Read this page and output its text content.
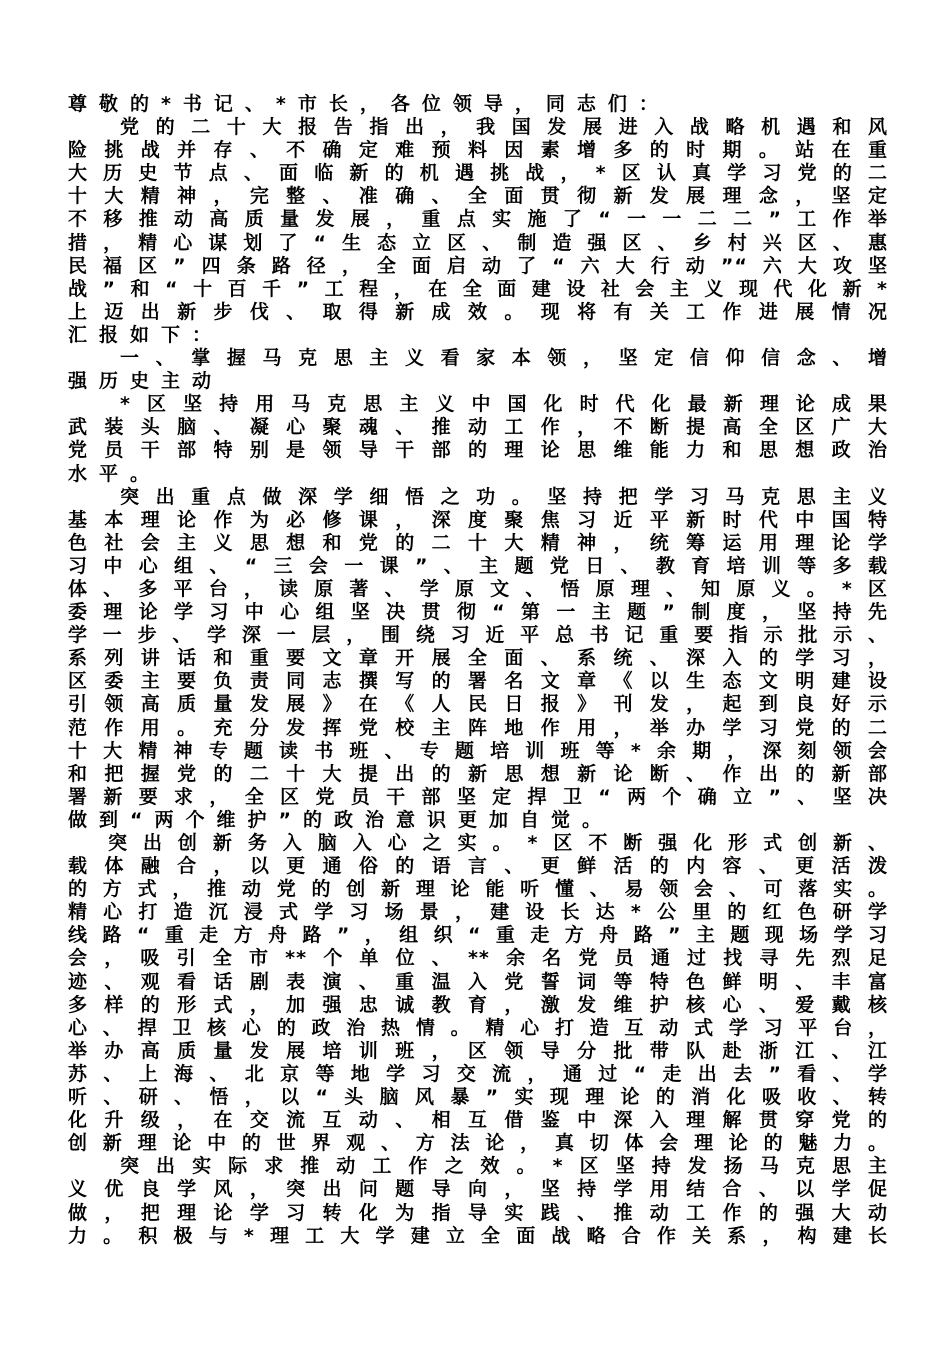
尊敬的*书记、*市长，各位领导，同志们：
党的二十大报告指出，我国发展进入战略机遇和风
险挑战并存、不确定难预料因素增多的时期。站在重
大历史节点、面临新的机遇挑战，*区认真学习党的二
十大精神，完整、准确、全面贯彻新发展理念，坚定
不移推动高质量发展，重点实施了“一一二二”工作举
措，精心谋划了“生态立区、制造强区、乡村兴区、惠
民福区”四条路径，全面启动了“六大行动”“六大攻坚
战”和“十百千”工程，在全面建设社会主义现代化新*
上迈出新步伐、取得新成效。现将有关工作进展情况
汇报如下：
一、掌握马克思主义看家本领，坚定信仰信念、增
强历史主动
*区坚持用马克思主义中国化时代化最新理论成果
武装头脑、凝心聚魂、推动工作，不断提高全区广大
党员干部特别是领导干部的理论思维能力和思想政治
水平。
突出重点做深学细悟之功。坚持把学习马克思主义
基本理论作为必修课，深度聚焦习近平新时代中国特
色社会主义思想和党的二十大精神，统筹运用理论学
习中心组、“三会一课”、主题党日、教育培训等多载
体、多平台，读原著、学原文、悟原理、知原义。*区
委理论学习中心组坚决贯彻“第一主题”制度，坚持先
学一步、学深一层，围绕习近平总书记重要指示批示、
系列讲话和重要文章开展全面、系统、深入的学习，
区委主要负责同志撰写的署名文章《以生态文明建设
引领高质量发展》在《人民日报》刊发，起到良好示
范作用。充分发挥党校主阵地作用，举办学习党的二
十大精神专题读书班、专题培训班等*余期，深刻领会
和把握党的二十大提出的新思想新论断、作出的新部
署新要求，全区党员干部坚定捍卫“两个确立”、坚决
做到“两个维护”的政治意识更加自觉。
突出创新务入脑入心之实。*区不断强化形式创新、
载体融合，以更通俗的语言、更鲜活的内容、更活泼
的方式，推动党的创新理论能听懂、易领会、可落实。
精心打造沉浸式学习场景，建设长达*公里的红色研学
线路“重走方舟路”，组织“重走方舟路”主题现场学习
会，吸引全市**个单位、**余名党员通过找寻先烈足
迹、观看话剧表演、重温入党誓词等特色鲜明、丰富
多样的形式，加强忠诚教育，激发维护核心、爱戴核
心、捍卫核心的政治热情。精心打造互动式学习平台，
举办高质量发展培训班，区领导分批带队赴浙江、江
苏、上海、北京等地学习交流，通过“走出去”看、学
听、研、悟，以“头脑风暴”实现理论的消化吸收、转
化升级，在交流互动、相互借鉴中深入理解贯穿党的
创新理论中的世界观、方法论，真切体会理论的魅力。
突出实际求推动工作之效。*区坚持发扬马克思主
义优良学风，突出问题导向，坚持学用结合、以学促
做，把理论学习转化为指导实践、推动工作的强大动
力。积极与*理工大学建立全面战略合作关系，构建长
